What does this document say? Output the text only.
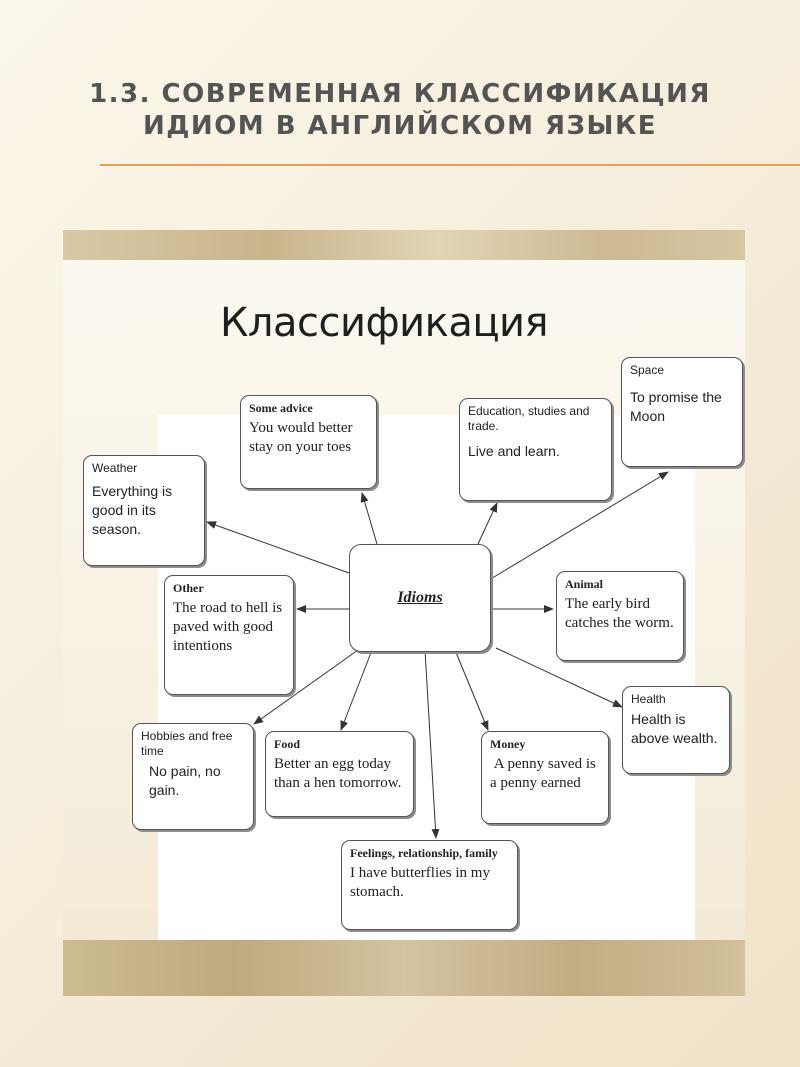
1.3. СОВРЕМЕННАЯ КЛАССИФИКАЦИЯ
ИДИОМ В АНГЛИЙСКОМ ЯЗЫКЕ
Классификация
Idioms
Some advice
You would better stay on your toes
Education, studies and trade.
Live and learn.
Space
To promise the Moon
Weather
Everything is good in its season.
Other
The road to hell is paved with good intentions
Animal
The early bird catches the worm.
Health
Health is above wealth.
Hobbies and free time
No pain, no gain.
Food
Better an egg today than a hen tomorrow.
Money
A penny saved is a penny earned
Feelings, relationship, family
I have butterflies in my stomach.
